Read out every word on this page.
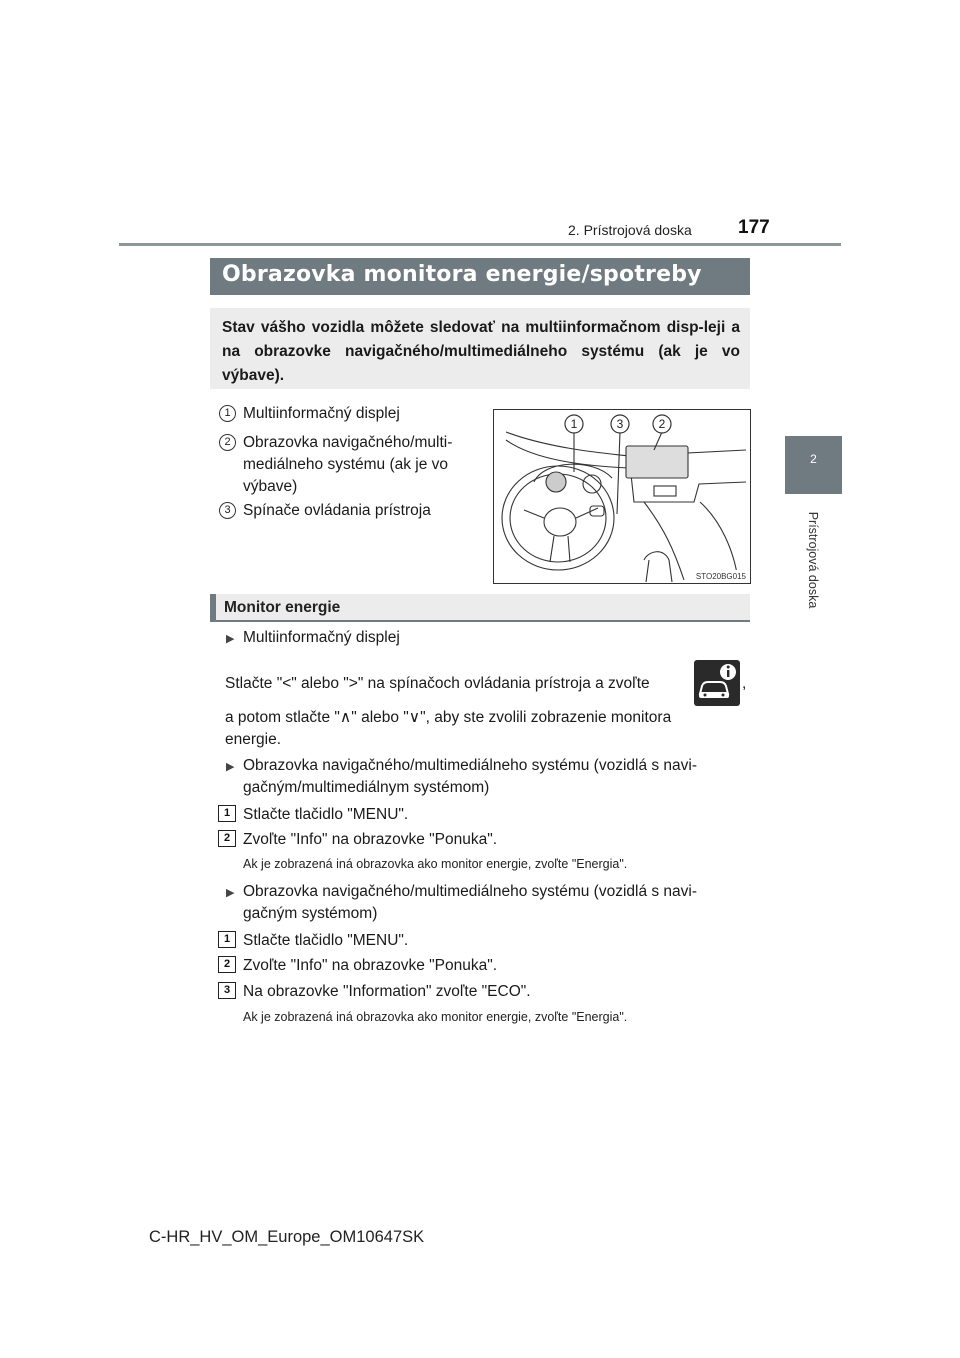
2. Prístrojová doska 177
2
Prístrojová doska
Obrazovka monitora energie/spotreby
Stav vášho vozidla môžete sledovať na multiinformačnom disp-leji a na obrazovke navigačného/multimediálneho systému (ak je vo výbave).
1 Multiinformačný displej
2 Obrazovka navigačného/multi-
mediálneho systému (ak je vo
výbave)
3 Spínače ovládania prístroja
1	3	2
STO20BG015
Monitor energie
▶ Multiinformačný displej
Stlačte "<" alebo ">" na spínačoch ovládania prístroja a zvoľte	,
a potom stlačte "∧" alebo "∨", aby ste zvolili zobrazenie monitora
energie.
▶ Obrazovka navigačného/multimediálneho systému (vozidlá s navi-
gačným/multimediálnym systémom)
1 Stlačte tlačidlo "MENU".
2 Zvoľte "Info" na obrazovke "Ponuka".
Ak je zobrazená iná obrazovka ako monitor energie, zvoľte "Energia".
▶ Obrazovka navigačného/multimediálneho systému (vozidlá s navi-
gačným systémom)
1 Stlačte tlačidlo "MENU".
2 Zvoľte "Info" na obrazovke "Ponuka".
3 Na obrazovke "Information" zvoľte "ECO".
Ak je zobrazená iná obrazovka ako monitor energie, zvoľte "Energia".
C-HR_HV_OM_Europe_OM10647SK
